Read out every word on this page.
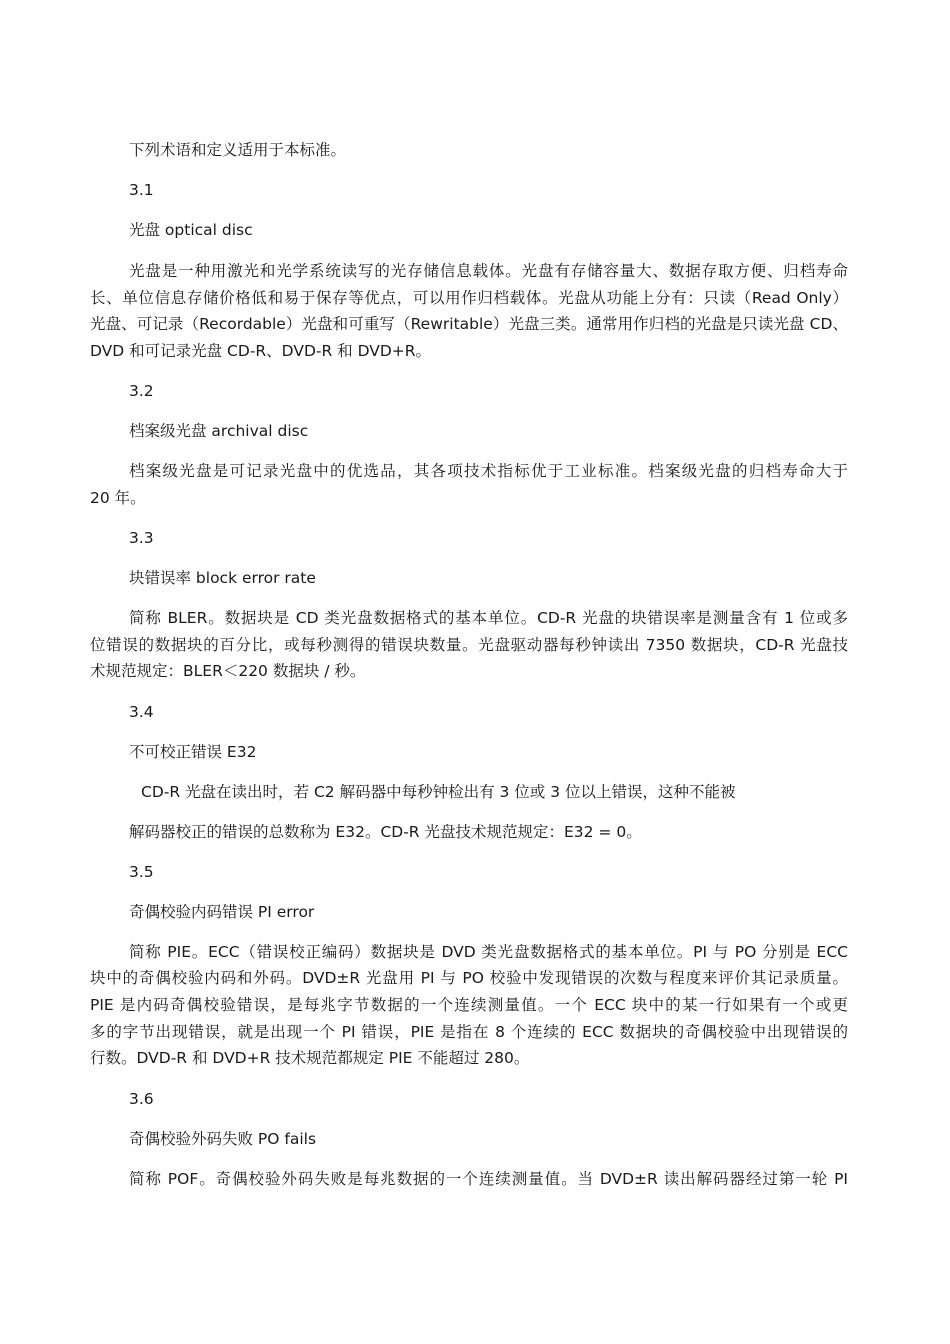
下列术语和定义适用于本标准。
3.1
光盘 optical disc
光盘是一种用激光和光学系统读写的光存储信息载体。光盘有存储容量大、数据存取方便、归档寿命
长、单位信息存储价格低和易于保存等优点，可以用作归档载体。光盘从功能上分有：只读（Read Only）
光盘、可记录（Recordable）光盘和可重写（Rewritable）光盘三类。通常用作归档的光盘是只读光盘 CD、
DVD 和可记录光盘 CD-R、DVD-R 和 DVD+R。
3.2
档案级光盘 archival disc
档案级光盘是可记录光盘中的优选品，其各项技术指标优于工业标准。档案级光盘的归档寿命大于
20 年。
3.3
块错误率 block error rate
简称 BLER。数据块是 CD 类光盘数据格式的基本单位。CD-R 光盘的块错误率是测量含有 1 位或多
位错误的数据块的百分比，或每秒测得的错误块数量。光盘驱动器每秒钟读出 7350 数据块，CD-R 光盘技
术规范规定：BLER＜220 数据块 / 秒。
3.4
不可校正错误 E32
CD-R 光盘在读出时，若 C2 解码器中每秒钟检出有 3 位或 3 位以上错误，这种不能被
解码器校正的错误的总数称为 E32。CD-R 光盘技术规范规定：E32 = 0。
3.5
奇偶校验内码错误 PI error
简称 PIE。ECC（错误校正编码）数据块是 DVD 类光盘数据格式的基本单位。PI 与 PO 分别是 ECC
块中的奇偶校验内码和外码。DVD±R 光盘用 PI 与 PO 校验中发现错误的次数与程度来评价其记录质量。
PIE 是内码奇偶校验错误，是每兆字节数据的一个连续测量值。一个 ECC 块中的某一行如果有一个或更
多的字节出现错误，就是出现一个 PI 错误，PIE 是指在 8 个连续的 ECC 数据块的奇偶校验中出现错误的
行数。DVD-R 和 DVD+R 技术规范都规定 PIE 不能超过 280。
3.6
奇偶校验外码失败 PO fails
简称 POF。奇偶校验外码失败是每兆数据的一个连续测量值。当 DVD±R 读出解码器经过第一轮 PI
